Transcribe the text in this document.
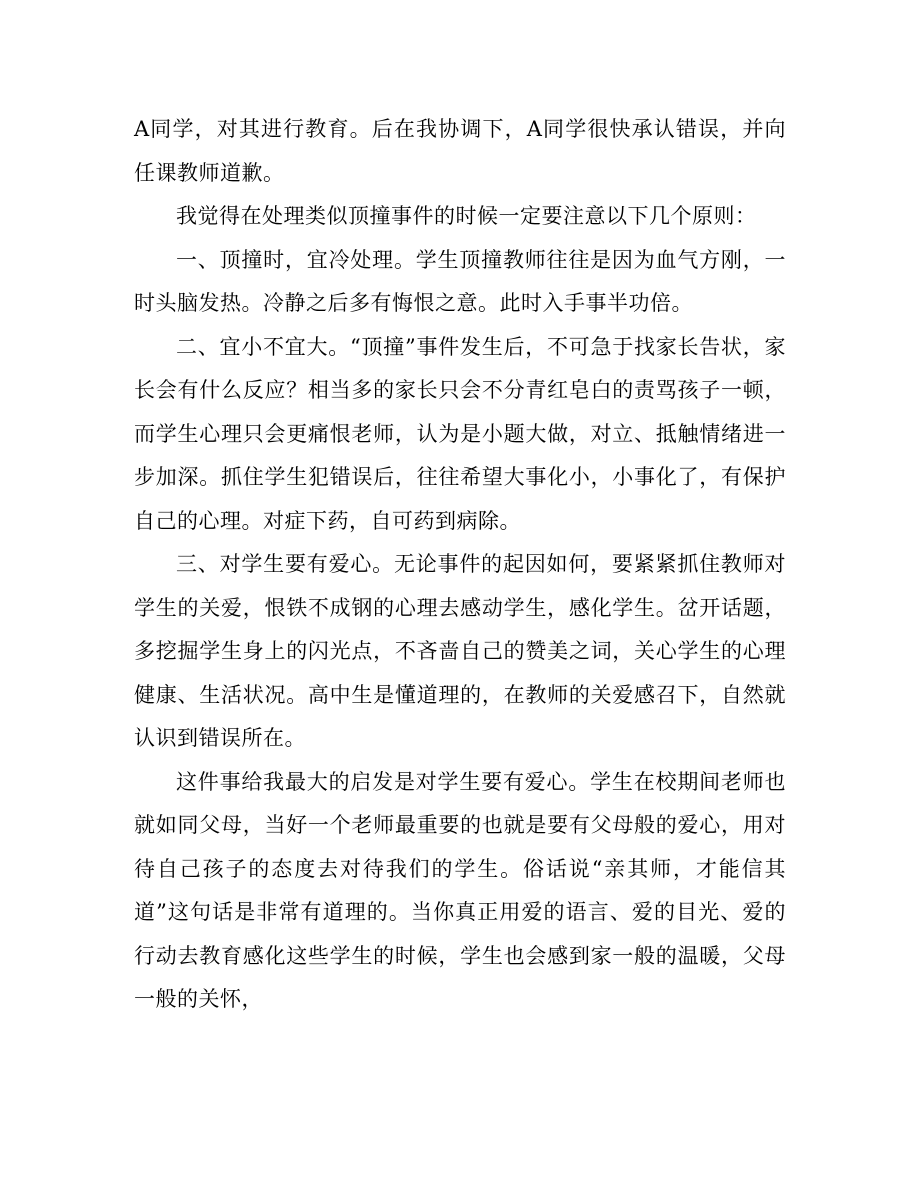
A同学，对其进行教育。后在我协调下，A同学很快承认错误，并向任课教师道歉。

我觉得在处理类似顶撞事件的时候一定要注意以下几个原则：

一、顶撞时，宜冷处理。学生顶撞教师往往是因为血气方刚，一时头脑发热。冷静之后多有悔恨之意。此时入手事半功倍。

二、宜小不宜大。“顶撞”事件发生后，不可急于找家长告状，家长会有什么反应？相当多的家长只会不分青红皂白的责骂孩子一顿，而学生心理只会更痛恨老师，认为是小题大做，对立、抵触情绪进一步加深。抓住学生犯错误后，往往希望大事化小，小事化了，有保护自己的心理。对症下药，自可药到病除。

三、对学生要有爱心。无论事件的起因如何，要紧紧抓住教师对学生的关爱，恨铁不成钢的心理去感动学生，感化学生。岔开话题，多挖掘学生身上的闪光点，不吝啬自己的赞美之词，关心学生的心理健康、生活状况。高中生是懂道理的，在教师的关爱感召下，自然就认识到错误所在。

这件事给我最大的启发是对学生要有爱心。学生在校期间老师也就如同父母，当好一个老师最重要的也就是要有父母般的爱心，用对待自己孩子的态度去对待我们的学生。俗话说“亲其师，才能信其道”这句话是非常有道理的。当你真正用爱的语言、爱的目光、爱的行动去教育感化这些学生的时候，学生也会感到家一般的温暖，父母一般的关怀，
